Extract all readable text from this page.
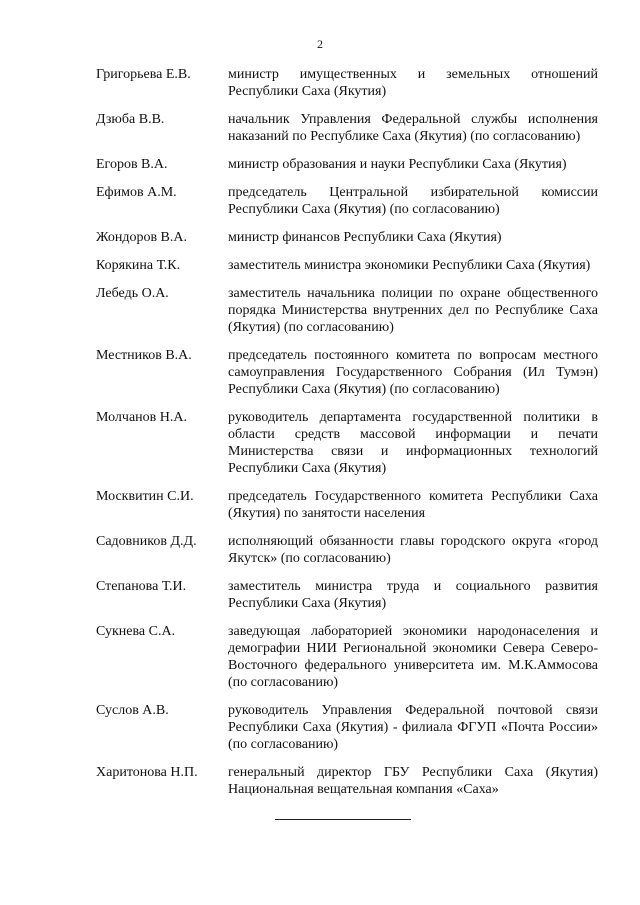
2
Григорьева Е.В.	министр имущественных и земельных отношений Республики Саха (Якутия)
Дзюба В.В.	начальник Управления Федеральной службы исполнения наказаний по Республике Саха (Якутия) (по согласованию)
Егоров В.А.	министр образования и науки Республики Саха (Якутия)
Ефимов А.М.	председатель Центральной избирательной комиссии Республики Саха (Якутия) (по согласованию)
Жондоров В.А.	министр финансов Республики Саха (Якутия)
Корякина Т.К.	заместитель министра экономики Республики Саха (Якутия)
Лебедь О.А.	заместитель начальника полиции по охране общественного порядка Министерства внутренних дел по Республике Саха (Якутия) (по согласованию)
Местников В.А.	председатель постоянного комитета по вопросам местного самоуправления Государственного Собрания (Ил Тумэн) Республики Саха (Якутия) (по согласованию)
Молчанов Н.А.	руководитель департамента государственной политики в области средств массовой информации и печати Министерства связи и информационных технологий Республики Саха (Якутия)
Москвитин С.И.	председатель Государственного комитета Республики Саха (Якутия) по занятости населения
Садовников Д.Д.	исполняющий обязанности главы городского округа «город Якутск» (по согласованию)
Степанова Т.И.	заместитель министра труда и социального развития Республики Саха (Якутия)
Сукнева С.А.	заведующая лабораторией экономики народонаселения и демографии НИИ Региональной экономики Севера Северо-Восточного федерального университета им. М.К.Аммосова (по согласованию)
Суслов А.В.	руководитель Управления Федеральной почтовой связи Республики Саха (Якутия) - филиала ФГУП «Почта России» (по согласованию)
Харитонова Н.П.	генеральный директор ГБУ Республики Саха (Якутия) Национальная вещательная компания «Саха»
